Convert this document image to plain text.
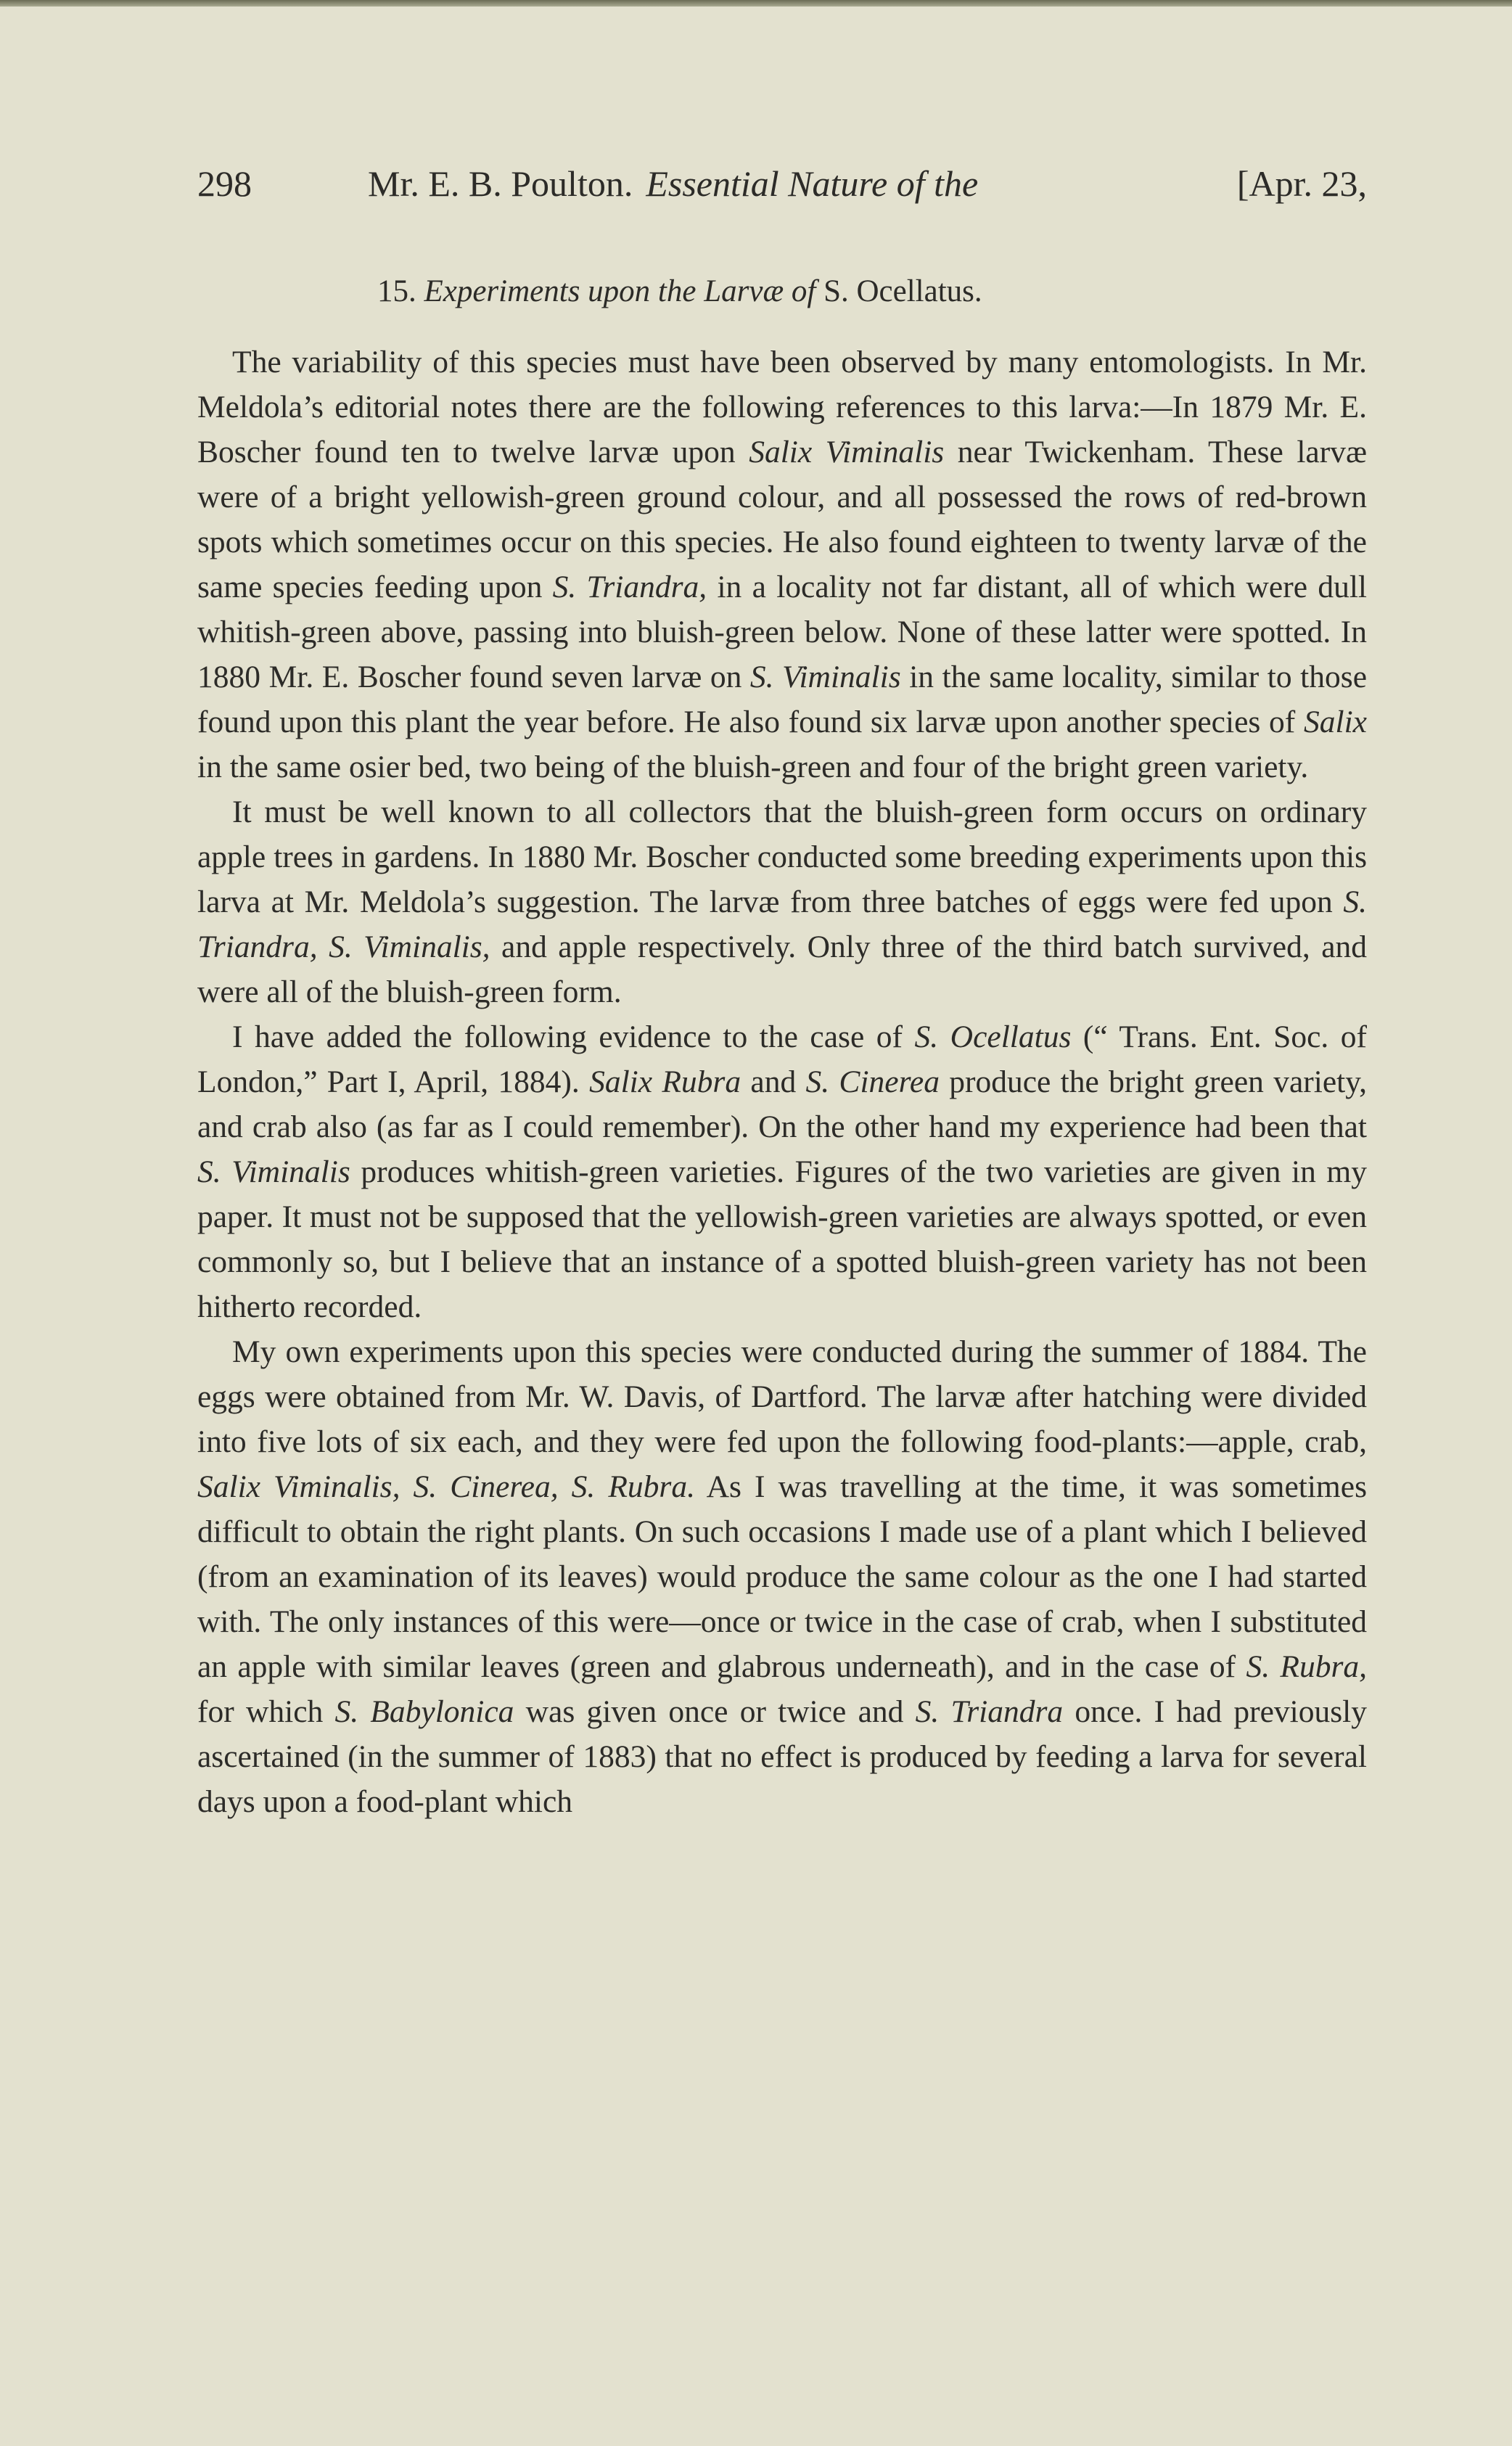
298	Mr. E. B. Poulton. Essential Nature of the	[Apr. 23,
15. Experiments upon the Larvæ of S. Ocellatus.

The variability of this species must have been observed by many entomologists. In Mr. Meldola’s editorial notes there are the following references to this larva:—In 1879 Mr. E. Boscher found ten to twelve larvæ upon Salix Viminalis near Twickenham. These larvæ were of a bright yellowish-green ground colour, and all possessed the rows of red-brown spots which sometimes occur on this species. He also found eighteen to twenty larvæ of the same species feeding upon S. Triandra, in a locality not far distant, all of which were dull whitish-green above, passing into bluish-green below. None of these latter were spotted. In 1880 Mr. E. Boscher found seven larvæ on S. Viminalis in the same locality, similar to those found upon this plant the year before. He also found six larvæ upon another species of Salix in the same osier bed, two being of the bluish-green and four of the bright green variety.

It must be well known to all collectors that the bluish-green form occurs on ordinary apple trees in gardens. In 1880 Mr. Boscher conducted some breeding experiments upon this larva at Mr. Meldola’s suggestion. The larvæ from three batches of eggs were fed upon S. Triandra, S. Viminalis, and apple respectively. Only three of the third batch survived, and were all of the bluish-green form.

I have added the following evidence to the case of S. Ocellatus (“ Trans. Ent. Soc. of London,” Part I, April, 1884). Salix Rubra and S. Cinerea produce the bright green variety, and crab also (as far as I could remember). On the other hand my experience had been that S. Viminalis produces whitish-green varieties. Figures of the two varieties are given in my paper. It must not be supposed that the yellowish-green varieties are always spotted, or even commonly so, but I believe that an instance of a spotted bluish-green variety has not been hitherto recorded.

My own experiments upon this species were conducted during the summer of 1884. The eggs were obtained from Mr. W. Davis, of Dartford. The larvæ after hatching were divided into five lots of six each, and they were fed upon the following food-plants:—apple, crab, Salix Viminalis, S. Cinerea, S. Rubra. As I was travelling at the time, it was sometimes difficult to obtain the right plants. On such occasions I made use of a plant which I believed (from an examination of its leaves) would produce the same colour as the one I had started with. The only instances of this were—once or twice in the case of crab, when I substituted an apple with similar leaves (green and glabrous underneath), and in the case of S. Rubra, for which S. Babylonica was given once or twice and S. Triandra once. I had previously ascertained (in the summer of 1883) that no effect is produced by feeding a larva for several days upon a food-plant which
